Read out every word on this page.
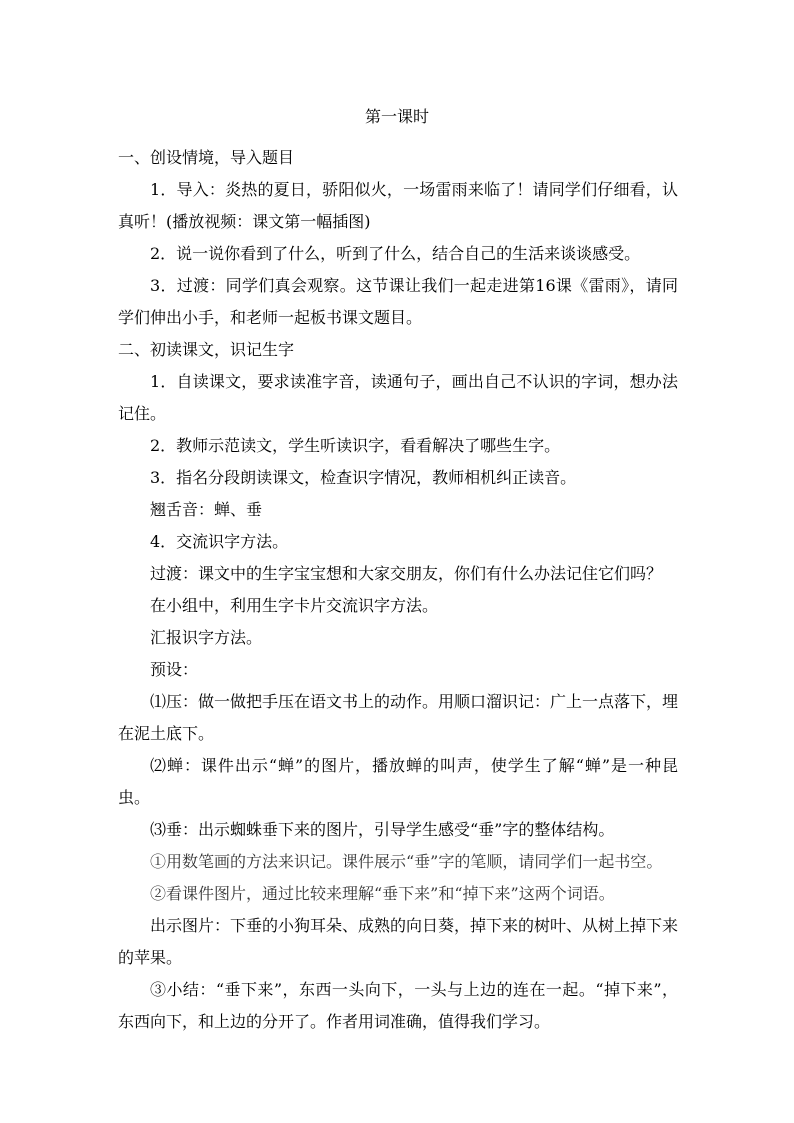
第一课时

一、创设情境，导入题目

1．导入：炎热的夏日，骄阳似火，一场雷雨来临了！请同学们仔细看，认真听！(播放视频：课文第一幅插图)

2．说一说你看到了什么，听到了什么，结合自己的生活来谈谈感受。

3．过渡：同学们真会观察。这节课让我们一起走进第16课《雷雨》，请同学们伸出小手，和老师一起板书课文题目。

二、初读课文，识记生字

1．自读课文，要求读准字音，读通句子，画出自己不认识的字词，想办法记住。

2．教师示范读文，学生听读识字，看看解决了哪些生字。

3．指名分段朗读课文，检查识字情况，教师相机纠正读音。

翘舌音：蝉、垂

4．交流识字方法。

过渡：课文中的生字宝宝想和大家交朋友，你们有什么办法记住它们吗？

在小组中，利用生字卡片交流识字方法。

汇报识字方法。

预设：

⑴压：做一做把手压在语文书上的动作。用顺口溜识记：广上一点落下，埋在泥土底下。

⑵蝉：课件出示“蝉”的图片，播放蝉的叫声，使学生了解“蝉”是一种昆虫。

⑶垂：出示蜘蛛垂下来的图片，引导学生感受“垂”字的整体结构。

①用数笔画的方法来识记。课件展示“垂”字的笔顺，请同学们一起书空。

②看课件图片，通过比较来理解“垂下来”和“掉下来”这两个词语。

出示图片：下垂的小狗耳朵、成熟的向日葵，掉下来的树叶、从树上掉下来的苹果。

③小结：“垂下来”，东西一头向下，一头与上边的连在一起。“掉下来”，东西向下，和上边的分开了。作者用词准确，值得我们学习。
